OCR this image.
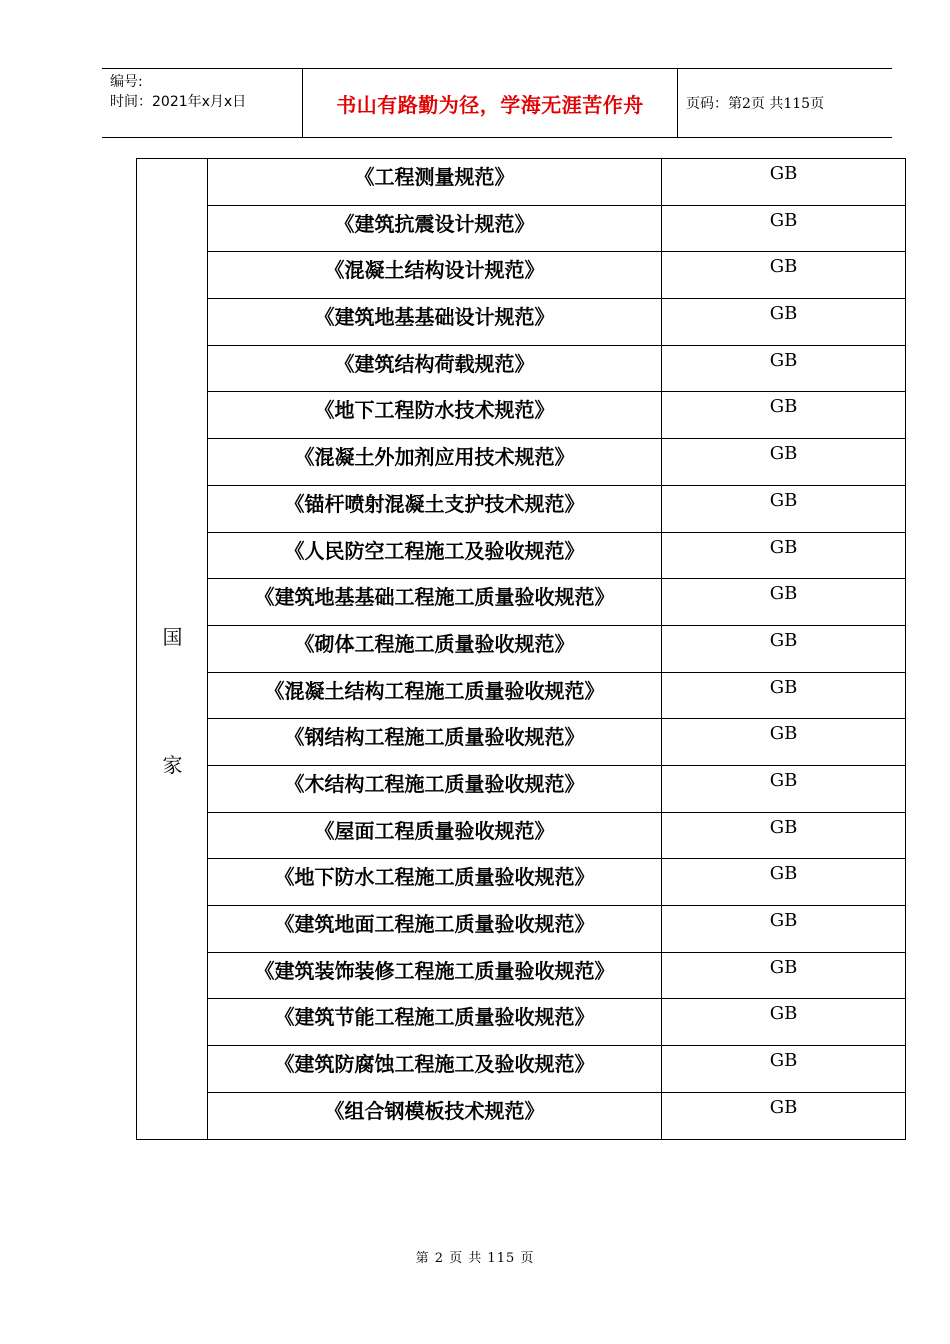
编号:
时间：2021年x月x日	书山有路勤为径，学海无涯苦作舟	页码：第2页 共115页
国
家
《工程测量规范》	GB
《建筑抗震设计规范》	GB
《混凝土结构设计规范》	GB
《建筑地基基础设计规范》	GB
《建筑结构荷载规范》	GB
《地下工程防水技术规范》	GB
《混凝土外加剂应用技术规范》	GB
《锚杆喷射混凝土支护技术规范》	GB
《人民防空工程施工及验收规范》	GB
《建筑地基基础工程施工质量验收规范》	GB
《砌体工程施工质量验收规范》	GB
《混凝土结构工程施工质量验收规范》	GB
《钢结构工程施工质量验收规范》	GB
《木结构工程施工质量验收规范》	GB
《屋面工程质量验收规范》	GB
《地下防水工程施工质量验收规范》	GB
《建筑地面工程施工质量验收规范》	GB
《建筑装饰装修工程施工质量验收规范》	GB
《建筑节能工程施工质量验收规范》	GB
《建筑防腐蚀工程施工及验收规范》	GB
《组合钢模板技术规范》	GB
第 2 页 共 115 页
